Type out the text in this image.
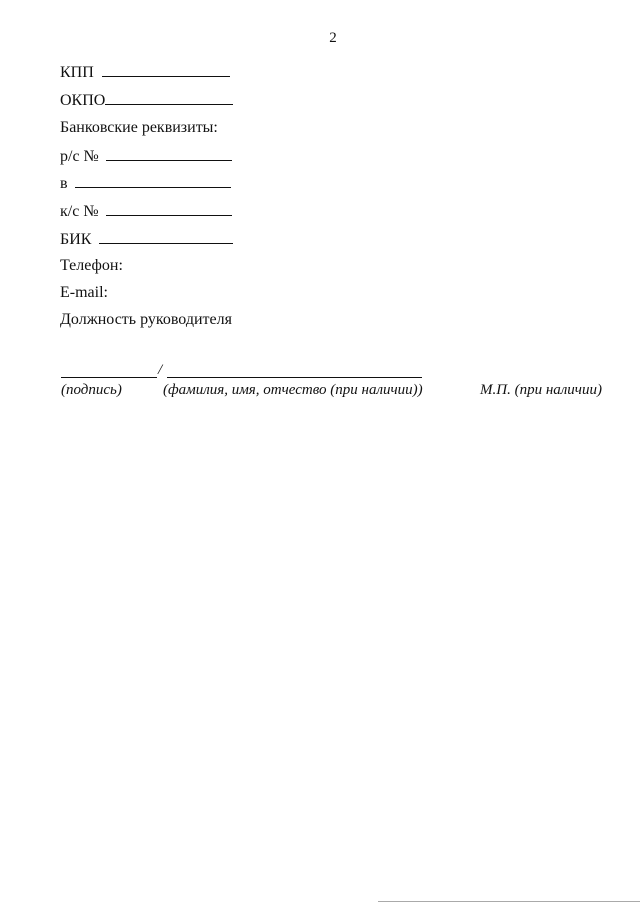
2
КПП
ОКПО
Банковские реквизиты:
р/с №
в
к/с №
БИК
Телефон:
E-mail:
Должность руководителя
/
(подпись)	(фамилия, имя, отчество (при наличии))	М.П. (при наличии)
